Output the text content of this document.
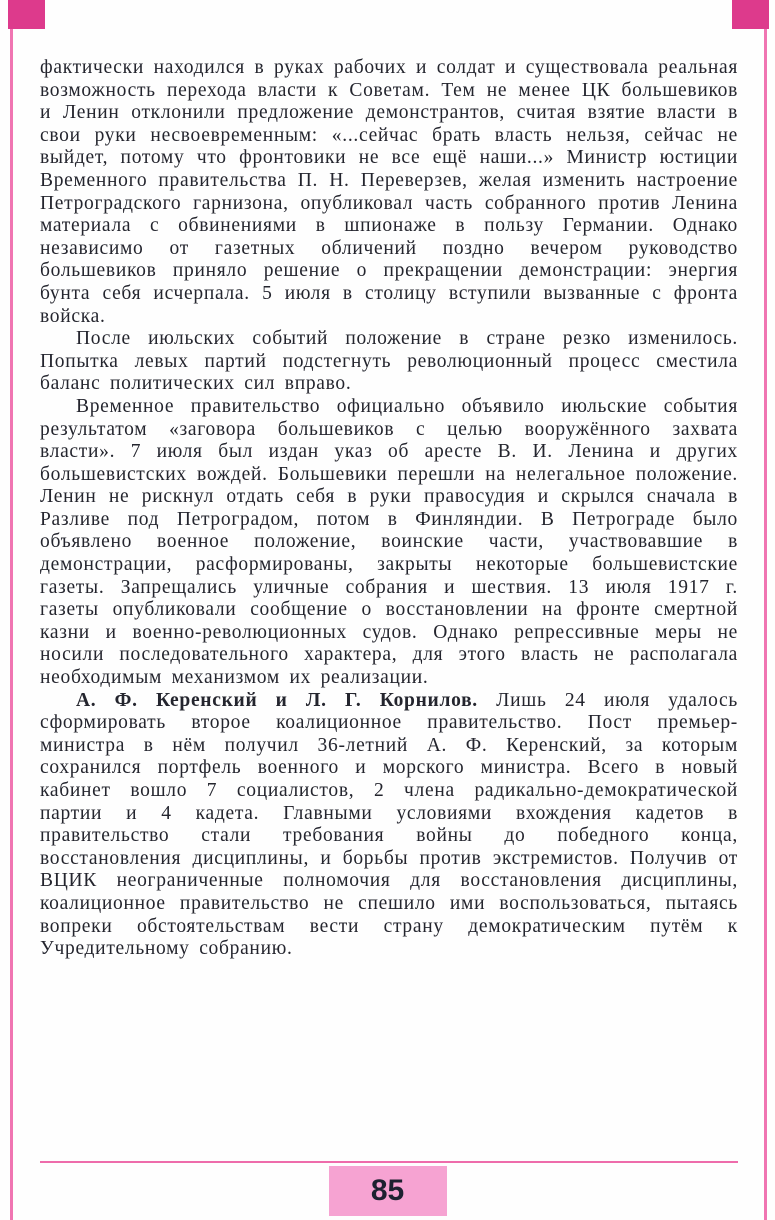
фактически находился в руках рабочих и солдат и существовала реальная возможность перехода власти к Советам. Тем не менее ЦК большевиков и Ленин отклонили предложение демонстрантов, считая взятие власти в свои руки несвоевременным: «...сейчас брать власть нельзя, сейчас не выйдет, потому что фронтовики не все ещё наши...» Министр юстиции Временного правительства П. Н. Переверзев, желая изменить настроение Петроградского гарнизона, опубликовал часть собранного против Ленина материала с обвинениями в шпионаже в пользу Германии. Однако независимо от газетных обличений поздно вечером руководство большевиков приняло решение о прекращении демонстрации: энергия бунта себя исчерпала. 5 июля в столицу вступили вызванные с фронта войска.

После июльских событий положение в стране резко изменилось. Попытка левых партий подстегнуть революционный процесс сместила баланс политических сил вправо.

Временное правительство официально объявило июльские события результатом «заговора большевиков с целью вооружённого захвата власти». 7 июля был издан указ об аресте В. И. Ленина и других большевистских вождей. Большевики перешли на нелегальное положение. Ленин не рискнул отдать себя в руки правосудия и скрылся сначала в Разливе под Петроградом, потом в Финляндии. В Петрограде было объявлено военное положение, воинские части, участвовавшие в демонстрации, расформированы, закрыты некоторые большевистские газеты. Запрещались уличные собрания и шествия. 13 июля 1917 г. газеты опубликовали сообщение о восстановлении на фронте смертной казни и военно-революционных судов. Однако репрессивные меры не носили последовательного характера, для этого власть не располагала необходимым механизмом их реализации.

А. Ф. Керенский и Л. Г. Корнилов. Лишь 24 июля удалось сформировать второе коалиционное правительство. Пост премьер-министра в нём получил 36-летний А. Ф. Керенский, за которым сохранился портфель военного и морского министра. Всего в новый кабинет вошло 7 социалистов, 2 члена радикально-демократической партии и 4 кадета. Главными условиями вхождения кадетов в правительство стали требования войны до победного конца, восстановления дисциплины, и борьбы против экстремистов. Получив от ВЦИК неограниченные полномочия для восстановления дисциплины, коалиционное правительство не спешило ими воспользоваться, пытаясь вопреки обстоятельствам вести страну демократическим путём к Учредительному собранию.

85
